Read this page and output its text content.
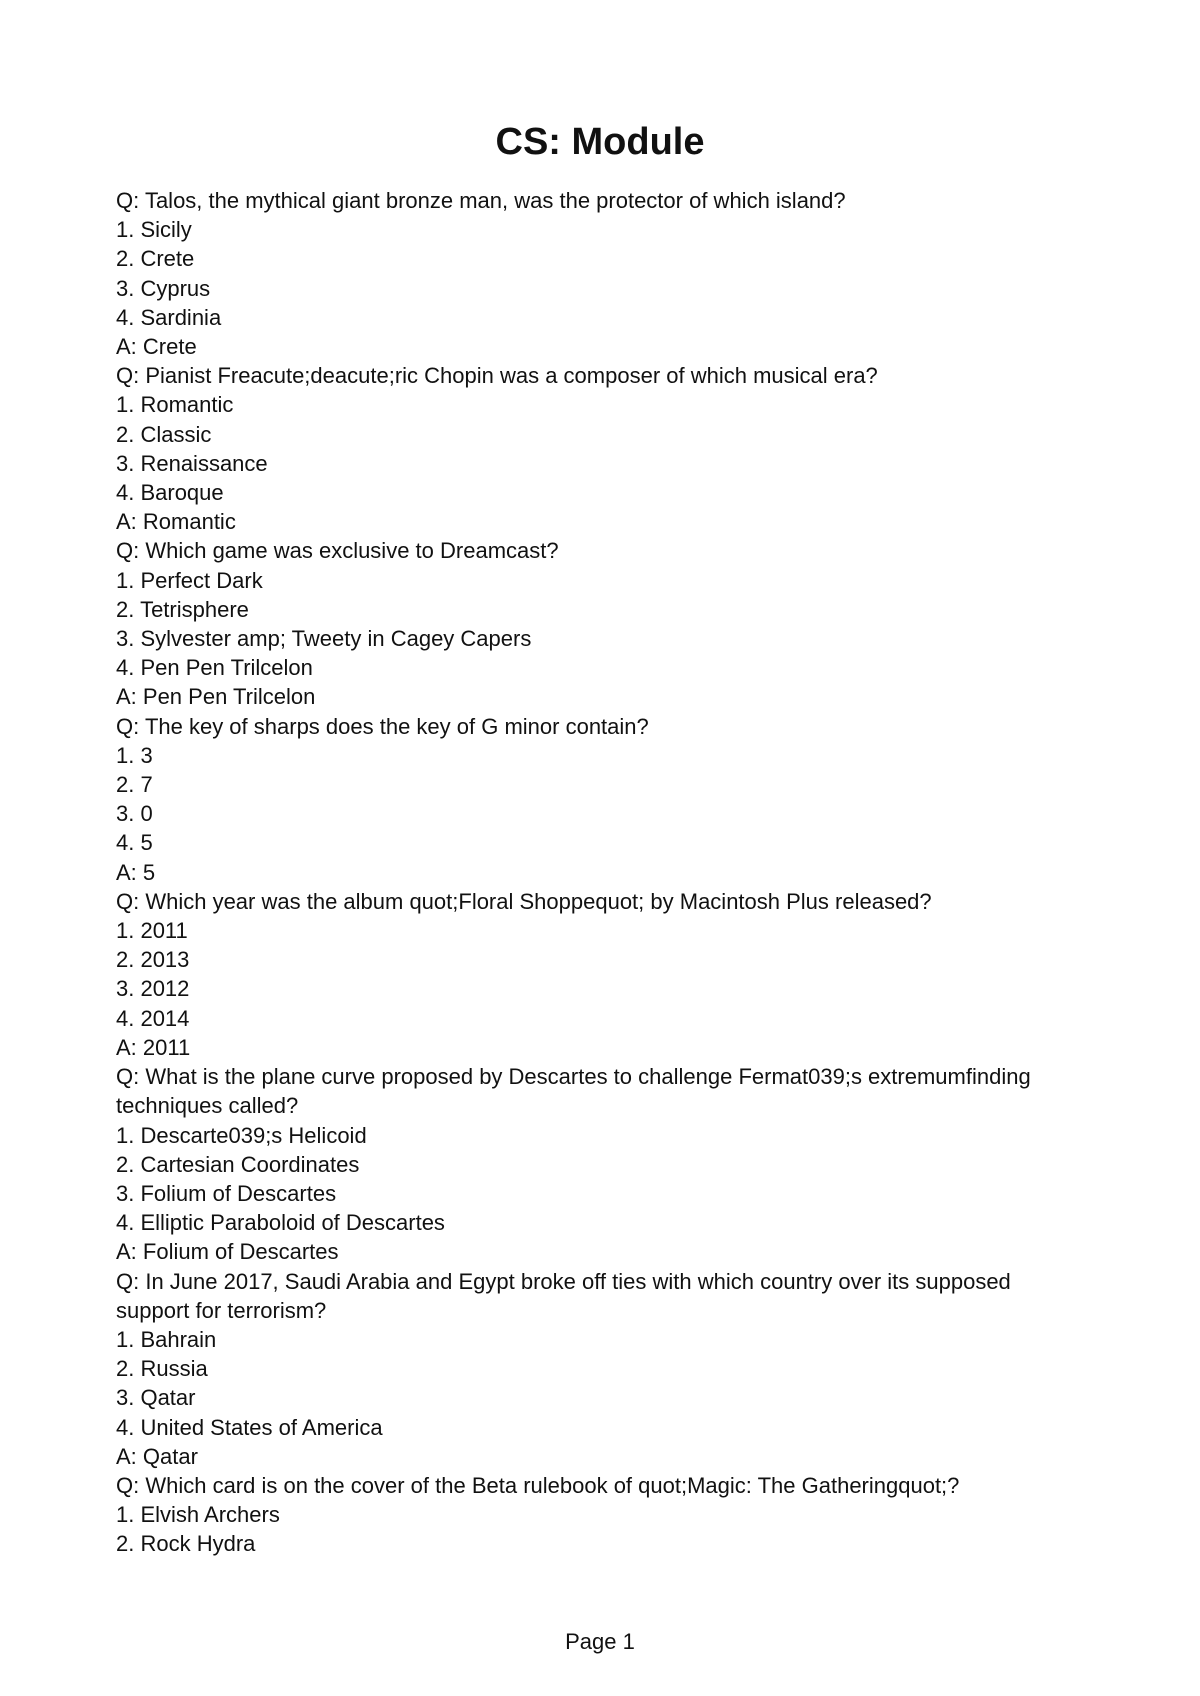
CS: Module
Q: Talos, the mythical giant bronze man, was the protector of which island?
1. Sicily
2. Crete
3. Cyprus
4. Sardinia
A: Crete
Q: Pianist Freacute;deacute;ric Chopin was a composer of which musical era?
1. Romantic
2. Classic
3. Renaissance
4. Baroque
A: Romantic
Q: Which game was exclusive to Dreamcast?
1. Perfect Dark
2. Tetrisphere
3. Sylvester amp; Tweety in Cagey Capers
4. Pen Pen Trilcelon
A: Pen Pen Trilcelon
Q: The key of sharps does the key of G minor contain?
1. 3
2. 7
3. 0
4. 5
A: 5
Q: Which year was the album quot;Floral Shoppequot; by Macintosh Plus released?
1. 2011
2. 2013
3. 2012
4. 2014
A: 2011
Q: What is the plane curve proposed by Descartes to challenge Fermat039;s extremumfinding techniques called?
1. Descarte039;s Helicoid
2. Cartesian Coordinates
3. Folium of Descartes
4. Elliptic Paraboloid of Descartes
A: Folium of Descartes
Q: In June 2017, Saudi Arabia and Egypt broke off ties with which country over its supposed support for terrorism?
1. Bahrain
2. Russia
3. Qatar
4. United States of America
A: Qatar
Q: Which card is on the cover of the Beta rulebook of quot;Magic: The Gatheringquot;?
1. Elvish Archers
2. Rock Hydra
Page 1
